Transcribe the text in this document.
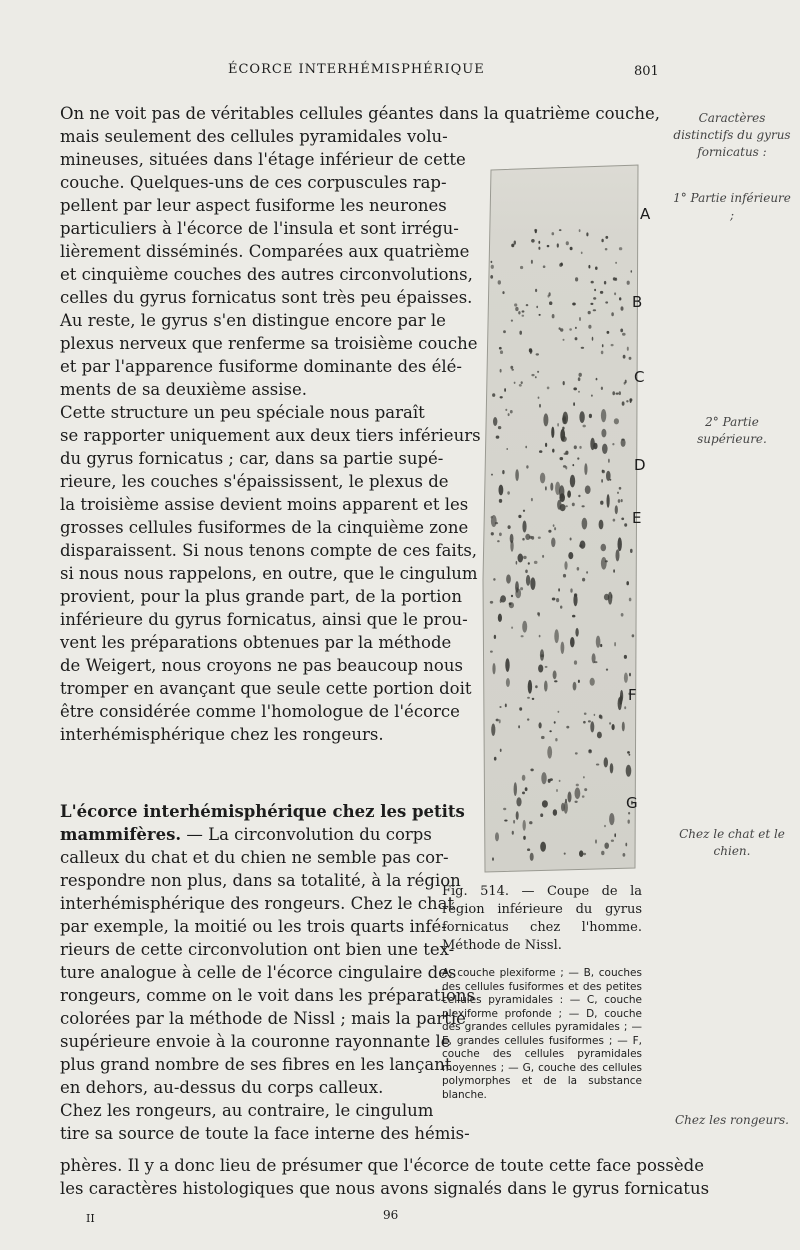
ÉCORCE INTERHÉMISPHÉRIQUE	801
On ne voit pas de véritables cellules géantes dans la quatrième couche,
mais seulement des cellules pyramidales volu-
mineuses, situées dans l'étage inférieur de cette
couche. Quelques-uns de ces corpuscules rap-
pellent par leur aspect fusiforme les neurones
particuliers à l'écorce de l'insula et sont irrégu-
lièrement disséminés. Comparées aux quatrième
et cinquième couches des autres circonvolutions,
celles du gyrus fornicatus sont très peu épaisses.
Au reste, le gyrus s'en distingue encore par le
plexus nerveux que renferme sa troisième couche
et par l'apparence fusiforme dominante des élé-
ments de sa deuxième assise.
Cette structure un peu spéciale nous paraît
se rapporter uniquement aux deux tiers inférieurs
du gyrus fornicatus ; car, dans sa partie supé-
rieure, les couches s'épaississent, le plexus de
la troisième assise devient moins apparent et les
grosses cellules fusiformes de la cinquième zone
disparaissent. Si nous tenons compte de ces faits,
si nous nous rappelons, en outre, que le cingulum
provient, pour la plus grande part, de la portion
inférieure du gyrus fornicatus, ainsi que le prou-
vent les préparations obtenues par la méthode
de Weigert, nous croyons ne pas beaucoup nous
tromper en avançant que seule cette portion doit
être considérée comme l'homologue de l'écorce
interhémisphérique chez les rongeurs.
L'écorce interhémisphérique chez les petits
mammifères. — La circonvolution du corps
calleux du chat et du chien ne semble pas cor-
respondre non plus, dans sa totalité, à la région
interhémisphérique des rongeurs. Chez le chat
par exemple, la moitié ou les trois quarts infé-
rieurs de cette circonvolution ont bien une tex-
ture analogue à celle de l'écorce cingulaire des
rongeurs, comme on le voit dans les préparations
colorées par la méthode de Nissl ; mais la partie
supérieure envoie à la couronne rayonnante le
plus grand nombre de ses fibres en les lançant
en dehors, au-dessus du corps calleux.
Chez les rongeurs, au contraire, le cingulum
tire sa source de toute la face interne des hémis-
phères. Il y a donc lieu de présumer que l'écorce de toute cette face possède
les caractères histologiques que nous avons signalés dans le gyrus fornicatus
A
B
C
D
E
F
G
Fig. 514. — Coupe de la région inférieure du gyrus fornicatus chez l'homme. Méthode de Nissl.
A, couche plexiforme ; — B, couches des cellules fusiformes et des petites cellules pyramidales : — C, couche plexiforme profonde ; — D, couche des grandes cellules pyramidales ; — E, grandes cellules fusiformes ; — F, couche des cellules pyramidales moyennes ; — G, couche des cellules polymorphes et de la substance blanche.
Caractères distinctifs du gyrus fornicatus :
1° Partie inférieure ;
2° Partie supérieure.
Chez le chat et le chien.
Chez les rongeurs.
II	96
